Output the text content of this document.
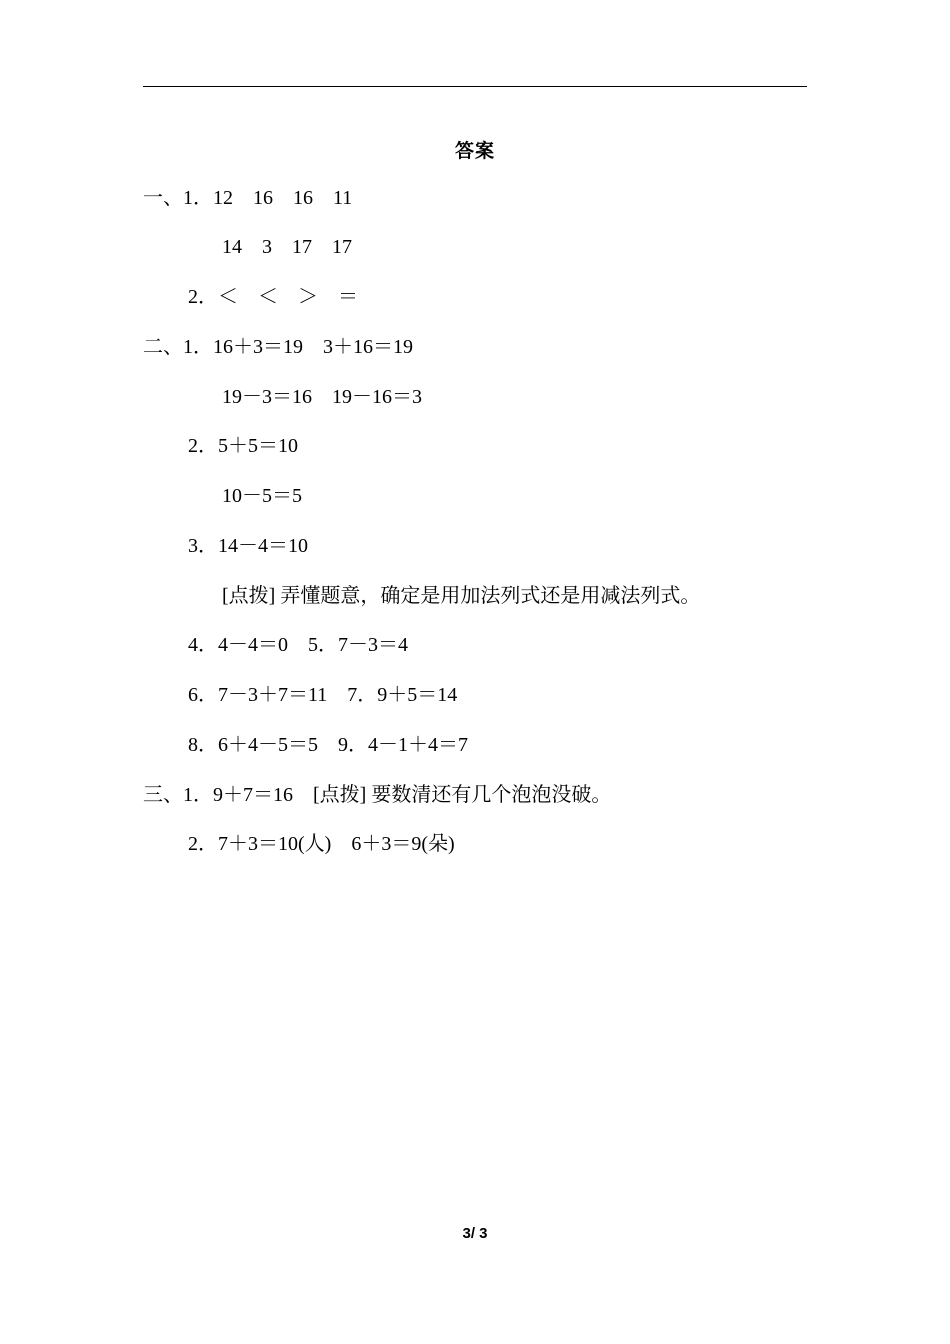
答案
一、1．12　16　16　11
14　3　17　17
2．＜　＜　＞　＝
二、1．16＋3＝19　3＋16＝19
19－3＝16　19－16＝3
2．5＋5＝10
10－5＝5
3．14－4＝10
[点拨] 弄懂题意，确定是用加法列式还是用减法列式。
4．4－4＝0　5．7－3＝4
6．7－3＋7＝11　7．9＋5＝14
8．6＋4－5＝5　9．4－1＋4＝7
三、1．9＋7＝16　[点拨] 要数清还有几个泡泡没破。
2．7＋3＝10(人)　6＋3＝9(朵)
3/ 3
